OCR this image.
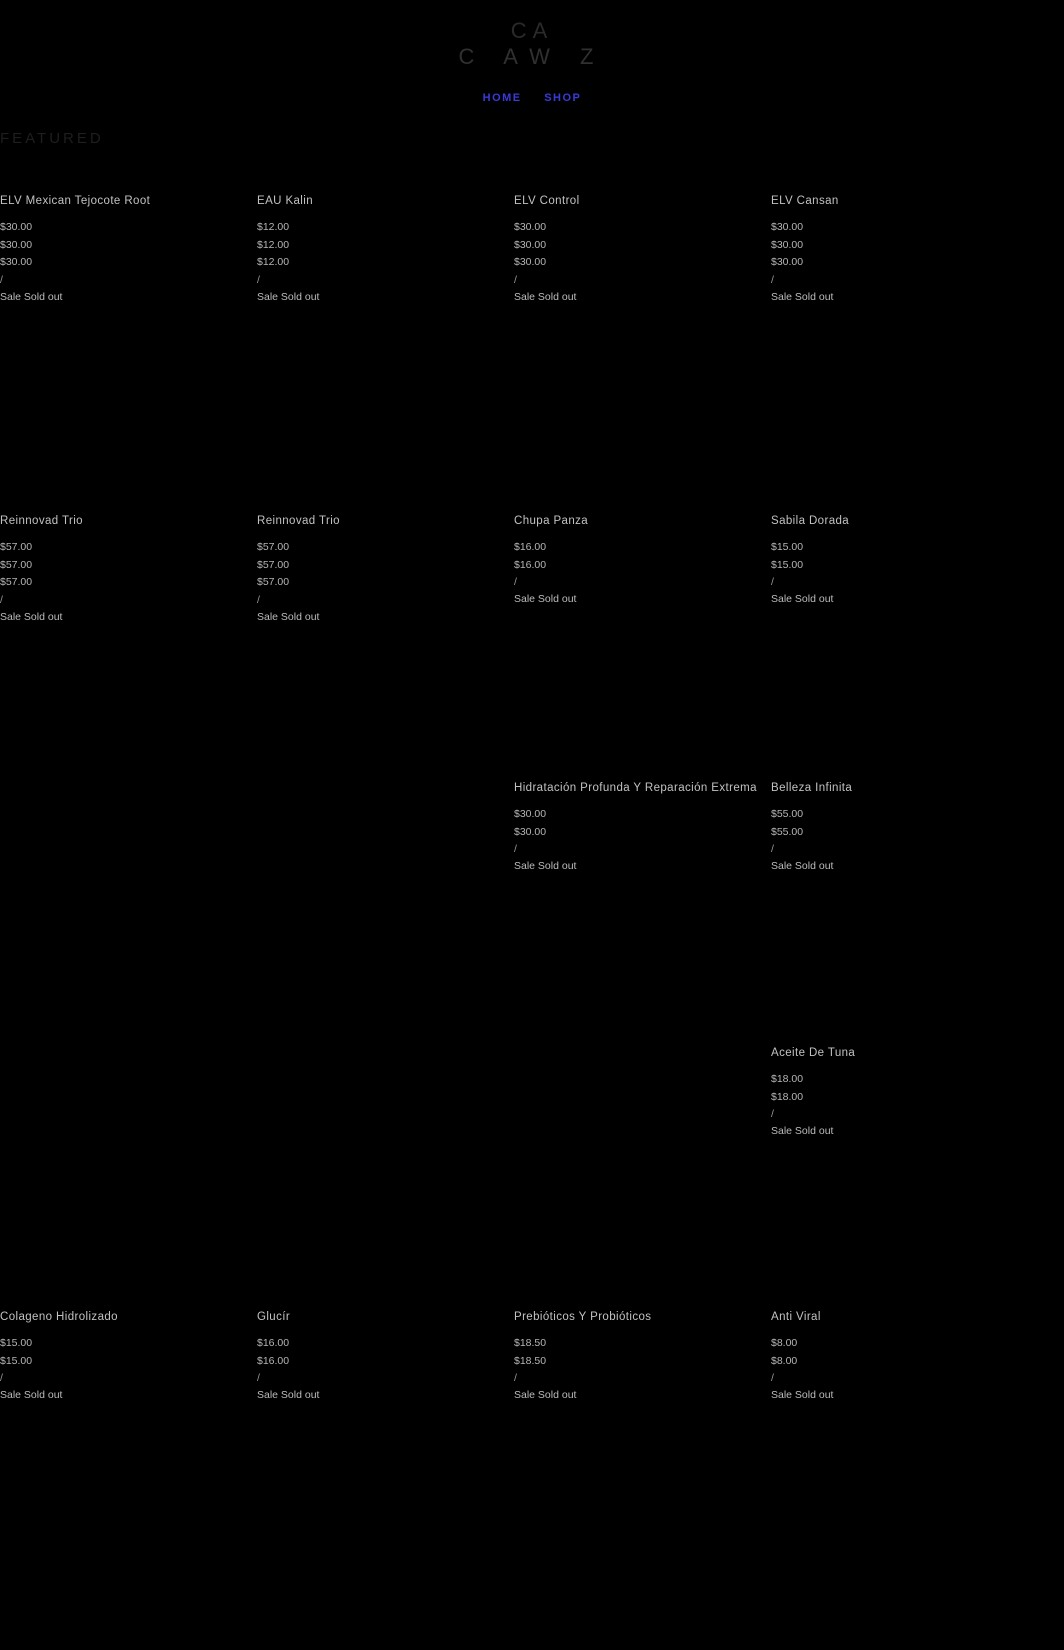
CA
C AW Z
HOME SHOP
FEATURED
ELV Mexican Tejocote Root
$30.00
$30.00
$30.00
/
Sale Sold out
EAU Kalin
$12.00
$12.00
$12.00
/
Sale Sold out
ELV Control
$30.00
$30.00
$30.00
/
Sale Sold out
ELV Cansan
$30.00
$30.00
$30.00
/
Sale Sold out
Reinnovad Trio
$57.00
$57.00
$57.00
/
Sale Sold out
Reinnovad Trio
$57.00
$57.00
$57.00
/
Sale Sold out
Chupa Panza
$16.00
$16.00
/
Sale Sold out
Sabila Dorada
$15.00
$15.00
/
Sale Sold out
Hidratación Profunda Y Reparación Extrema
$30.00
$30.00
/
Sale Sold out
Belleza Infinita
$55.00
$55.00
/
Sale Sold out
Aceite De Tuna
$18.00
$18.00
/
Sale Sold out
Colageno Hidrolizado
$15.00
$15.00
/
Sale Sold out
Glucír
$16.00
$16.00
/
Sale Sold out
Prebióticos Y Probióticos
$18.50
$18.50
/
Sale Sold out
Anti Viral
$8.00
$8.00
/
Sale Sold out
